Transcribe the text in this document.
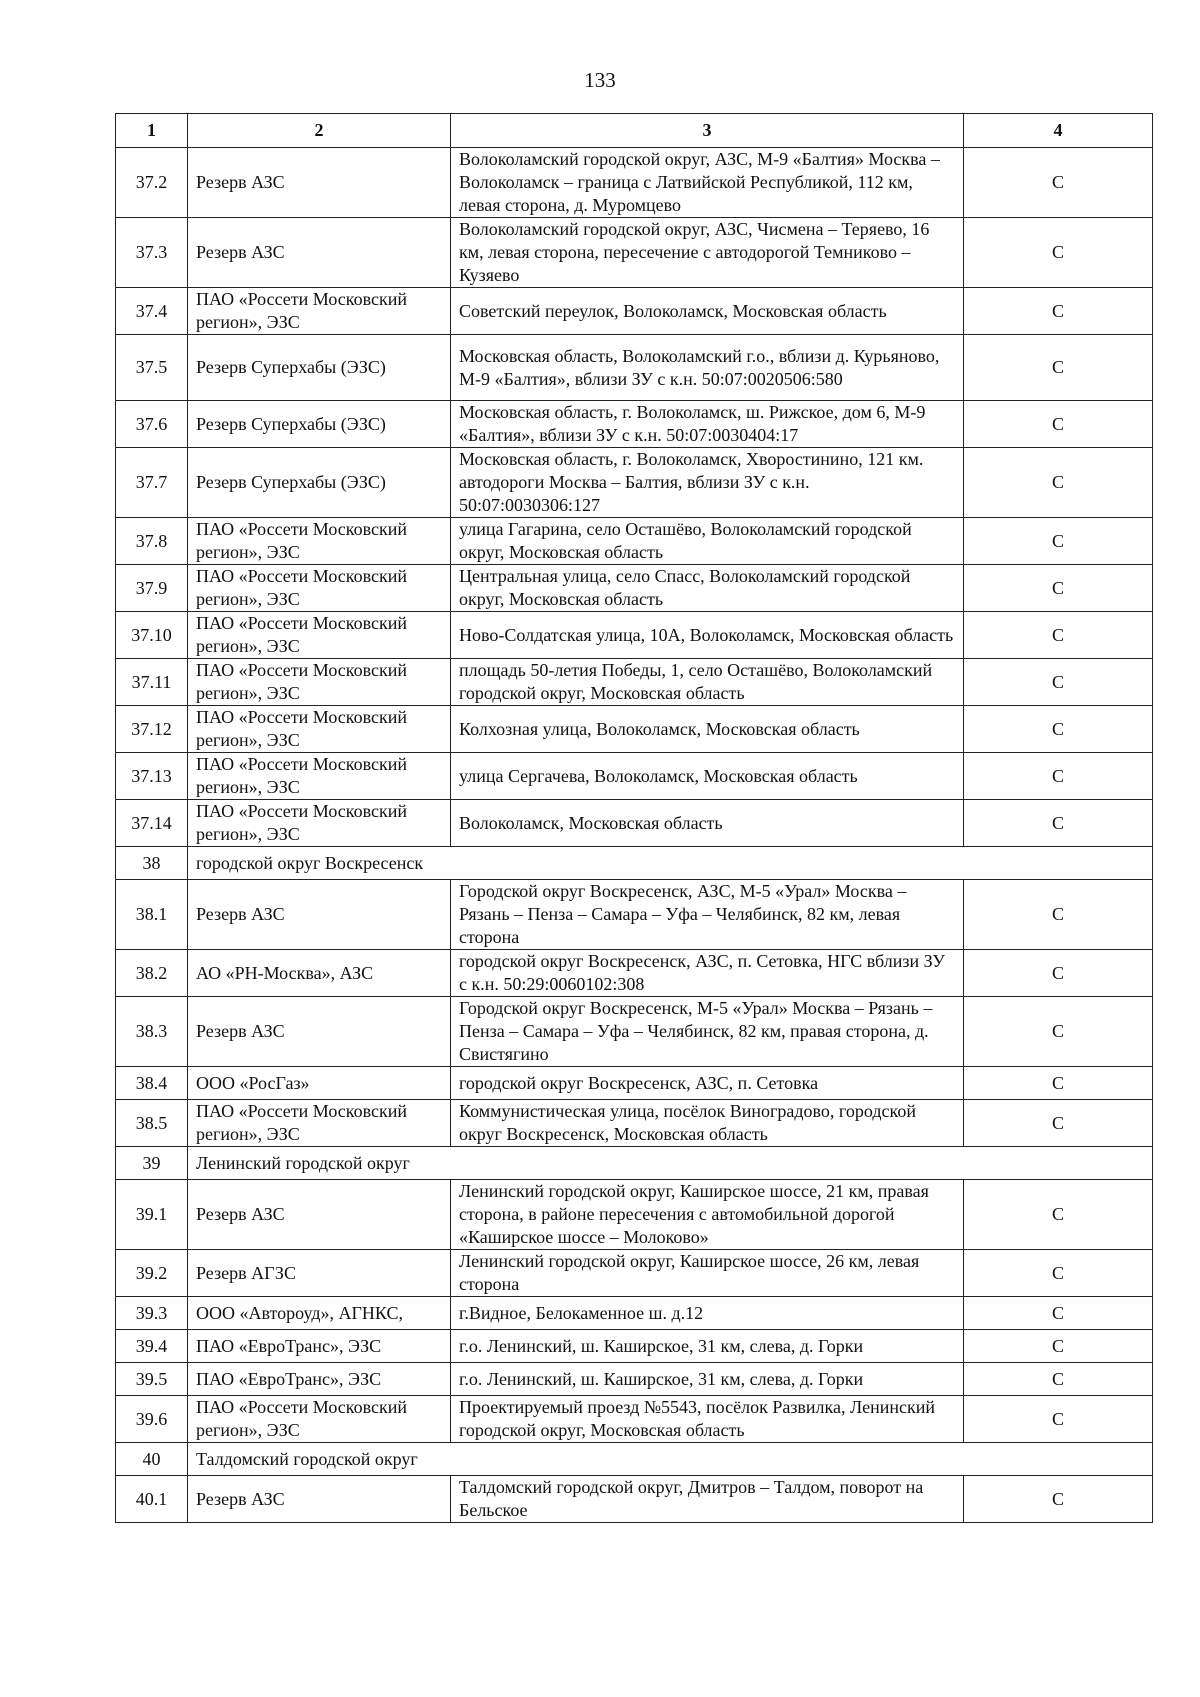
133
1	2	3	4
37.2	Резерв АЗС	Волоколамский городской округ, АЗС, М-9 «Балтия» Москва – Волоколамск – граница с Латвийской Республикой, 112 км, левая сторона, д. Муромцево	С
37.3	Резерв АЗС	Волоколамский городской округ, АЗС, Чисмена – Теряево, 16 км, левая сторона, пересечение с автодорогой Темниково – Кузяево	С
37.4	ПАО «Россети Московский регион», ЭЗС	Советский переулок, Волоколамск, Московская область	С
37.5	Резерв Суперхабы (ЭЗС)	Московская область, Волоколамский г.о., вблизи д. Курьяново, М-9 «Балтия», вблизи ЗУ с к.н. 50:07:0020506:580	С
37.6	Резерв Суперхабы (ЭЗС)	Московская область, г. Волоколамск, ш. Рижское, дом 6, М-9 «Балтия», вблизи ЗУ с к.н. 50:07:0030404:17	С
37.7	Резерв Суперхабы (ЭЗС)	Московская область, г. Волоколамск, Хворостинино, 121 км. автодороги Москва – Балтия, вблизи ЗУ с к.н. 50:07:0030306:127	С
37.8	ПАО «Россети Московский регион», ЭЗС	улица Гагарина, село Осташёво, Волоколамский городской округ, Московская область	С
37.9	ПАО «Россети Московский регион», ЭЗС	Центральная улица, село Спасс, Волоколамский городской округ, Московская область	С
37.10	ПАО «Россети Московский регион», ЭЗС	Ново-Солдатская улица, 10А, Волоколамск, Московская область	С
37.11	ПАО «Россети Московский регион», ЭЗС	площадь 50-летия Победы, 1, село Осташёво, Волоколамский городской округ, Московская область	С
37.12	ПАО «Россети Московский регион», ЭЗС	Колхозная улица, Волоколамск, Московская область	С
37.13	ПАО «Россети Московский регион», ЭЗС	улица Сергачева, Волоколамск, Московская область	С
37.14	ПАО «Россети Московский регион», ЭЗС	Волоколамск, Московская область	С
38	городской округ Воскресенск		
38.1	Резерв АЗС	Городской округ Воскресенск, АЗС, М-5 «Урал» Москва – Рязань – Пенза – Самара – Уфа – Челябинск, 82 км, левая сторона	С
38.2	АО «РН-Москва», АЗС	городской округ Воскресенск, АЗС, п. Сетовка, НГС вблизи ЗУ с к.н. 50:29:0060102:308	С
38.3	Резерв АЗС	Городской округ Воскресенск, М-5 «Урал» Москва – Рязань – Пенза – Самара – Уфа – Челябинск, 82 км, правая сторона, д. Свистягино	С
38.4	ООО «РосГаз»	городской округ Воскресенск, АЗС, п. Сетовка	С
38.5	ПАО «Россети Московский регион», ЭЗС	Коммунистическая улица, посёлок Виноградово, городской округ Воскресенск, Московская область	С
39	Ленинский городской округ		
39.1	Резерв АЗС	Ленинский городской округ, Каширское шоссе, 21 км, правая сторона, в районе пересечения с автомобильной дорогой «Каширское шоссе – Молоково»	С
39.2	Резерв АГЗС	Ленинский городской округ, Каширское шоссе, 26 км, левая сторона	С
39.3	ООО «Автороуд», АГНКС,	г.Видное, Белокаменное ш. д.12	С
39.4	ПАО «ЕвроТранс», ЭЗС	г.о. Ленинский, ш. Каширское, 31 км, слева, д. Горки	С
39.5	ПАО «ЕвроТранс», ЭЗС	г.о. Ленинский, ш. Каширское, 31 км, слева, д. Горки	С
39.6	ПАО «Россети Московский регион», ЭЗС	Проектируемый проезд №5543, посёлок Развилка, Ленинский городской округ, Московская область	С
40	Талдомский городской округ		
40.1	Резерв АЗС	Талдомский городской округ, Дмитров – Талдом, поворот на Бельское	С
